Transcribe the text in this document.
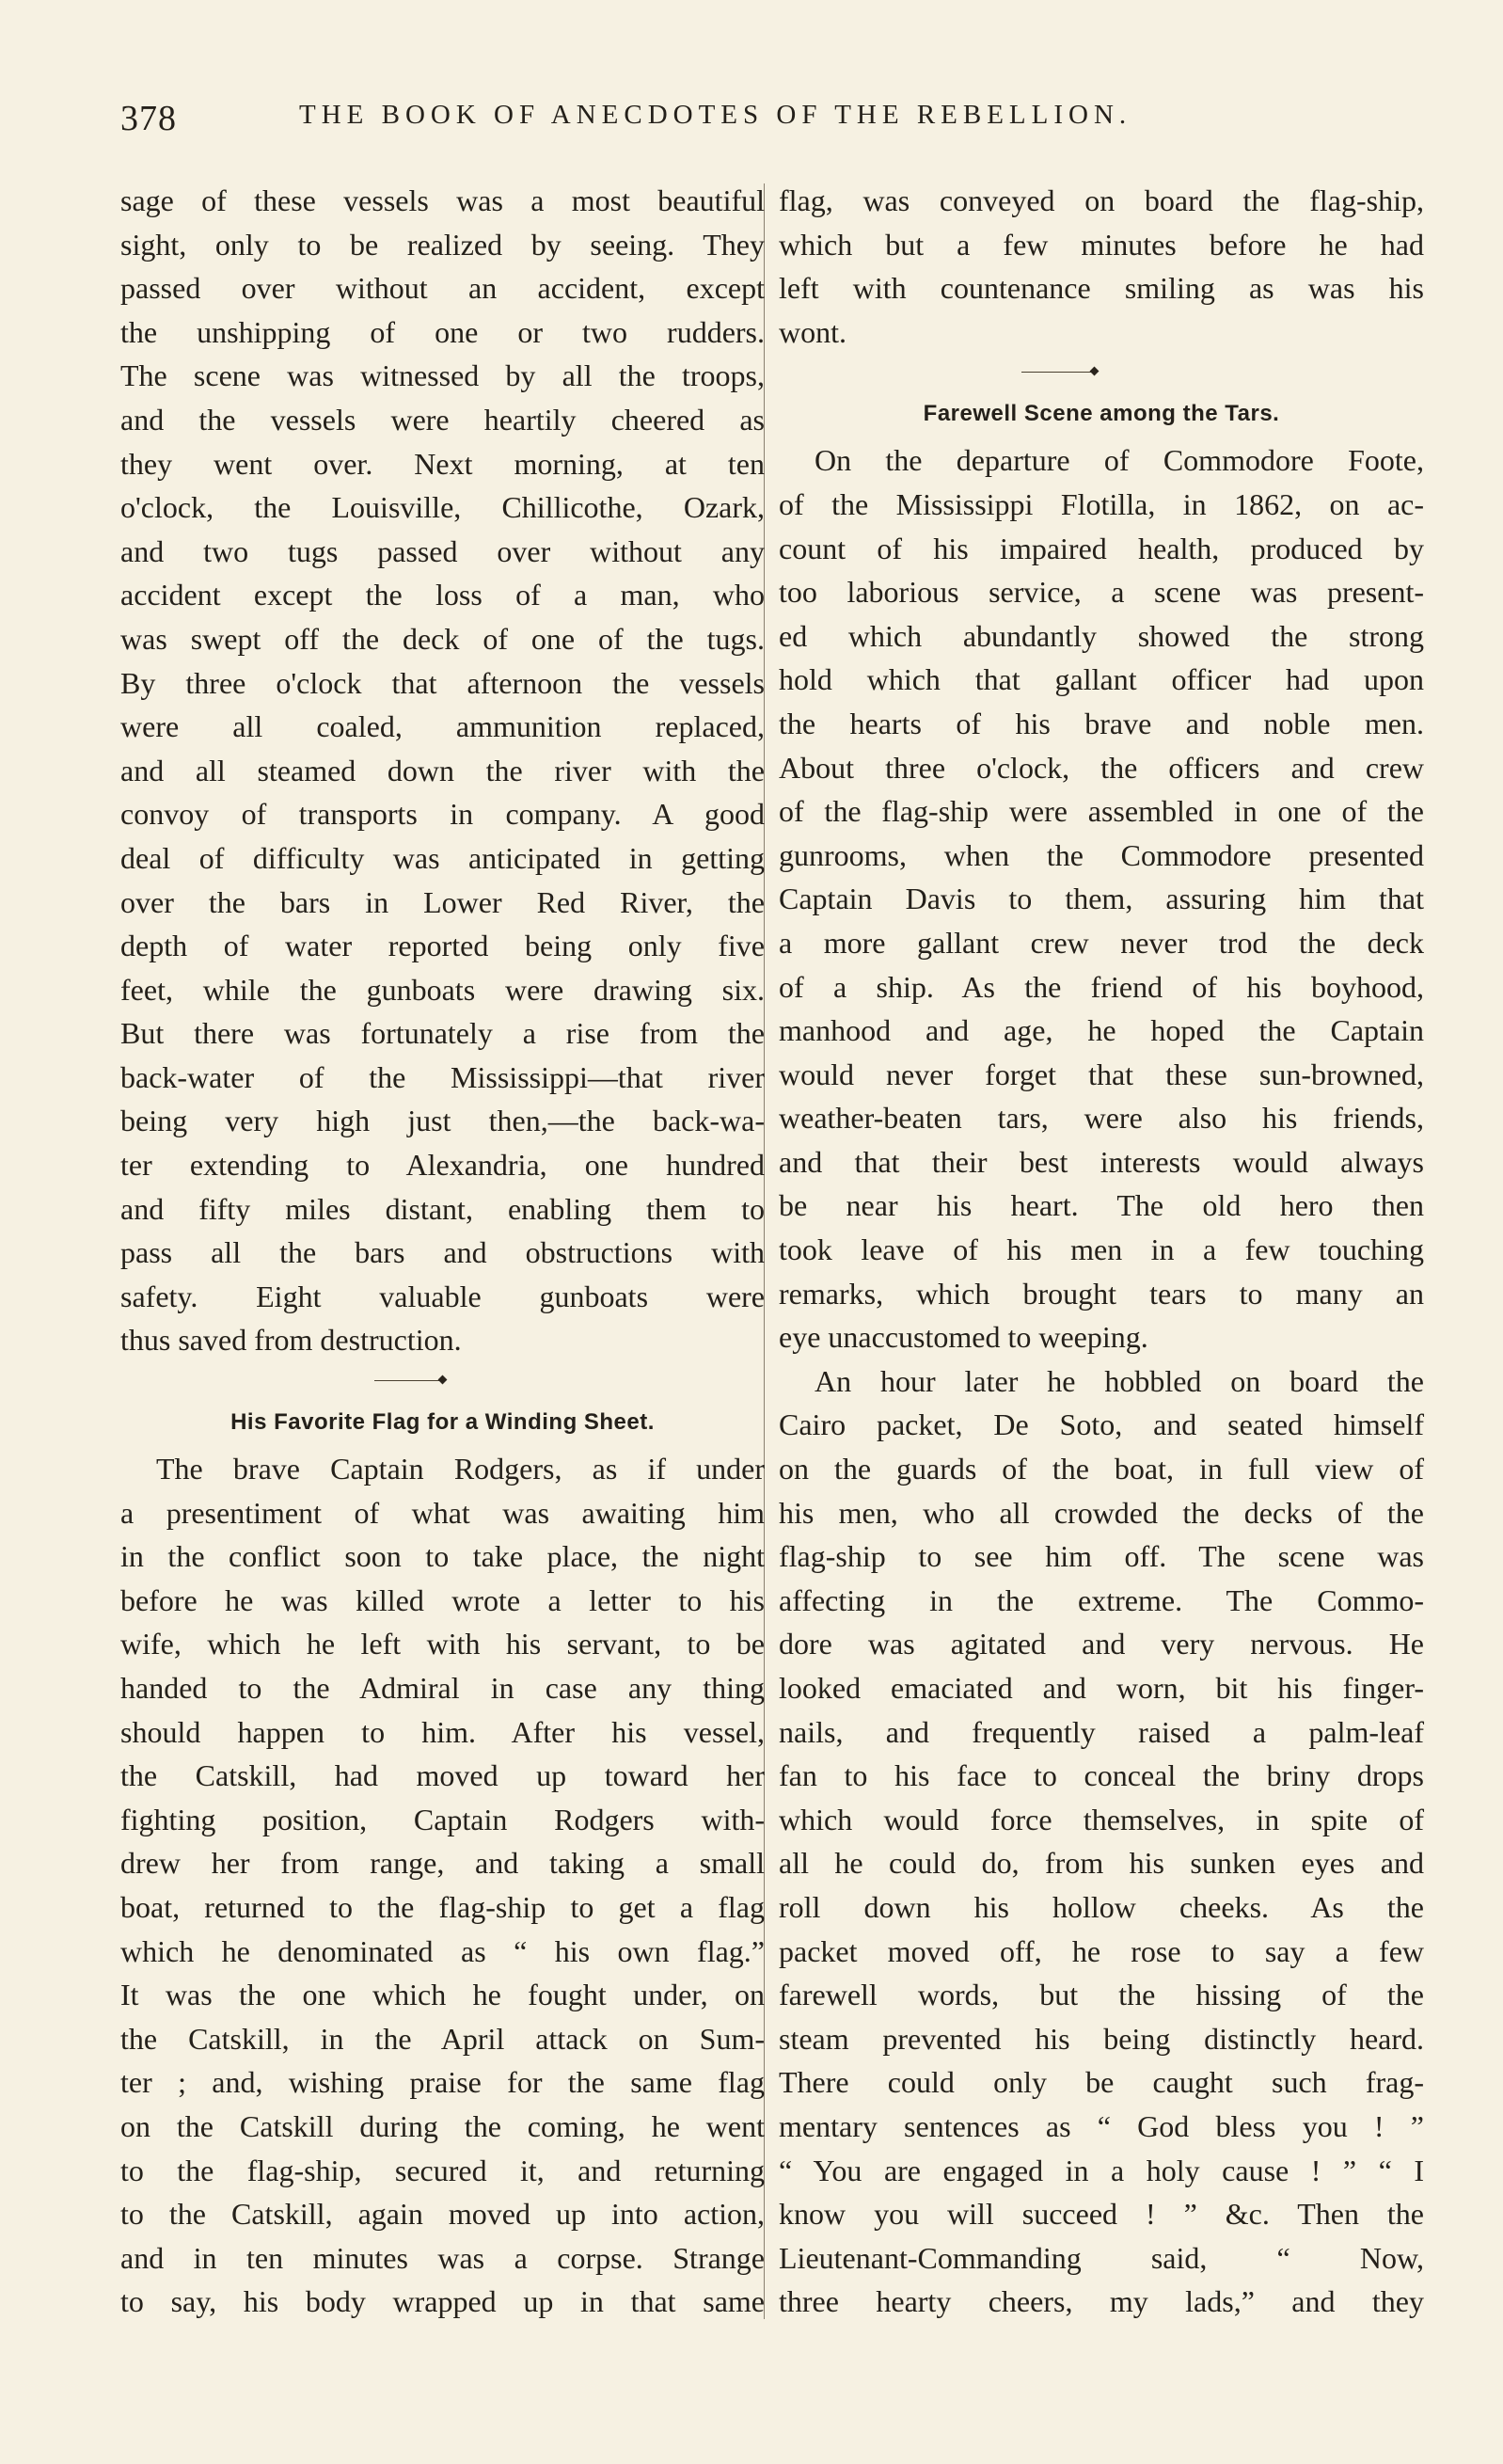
378	THE BOOK OF ANECDOTES OF THE REBELLION.
sage of these vessels was a most beautiful
sight, only to be realized by seeing. They
passed over without an accident, except
the unshipping of one or two rudders.
The scene was witnessed by all the troops,
and the vessels were heartily cheered as
they went over. Next morning, at ten
o'clock, the Louisville, Chillicothe, Ozark,
and two tugs passed over without any
accident except the loss of a man, who
was swept off the deck of one of the tugs.
By three o'clock that afternoon the vessels
were all coaled, ammunition replaced,
and all steamed down the river with the
convoy of transports in company. A good
deal of difficulty was anticipated in getting
over the bars in Lower Red River, the
depth of water reported being only five
feet, while the gunboats were drawing six.
But there was fortunately a rise from the
back-water of the Mississippi—that river
being very high just then,—the back-wa-
ter extending to Alexandria, one hundred
and fifty miles distant, enabling them to
pass all the bars and obstructions with
safety. Eight valuable gunboats were
thus saved from destruction.
His Favorite Flag for a Winding Sheet.
The brave Captain Rodgers, as if under
a presentiment of what was awaiting him
in the conflict soon to take place, the night
before he was killed wrote a letter to his
wife, which he left with his servant, to be
handed to the Admiral in case any thing
should happen to him. After his vessel,
the Catskill, had moved up toward her
fighting position, Captain Rodgers with-
drew her from range, and taking a small
boat, returned to the flag-ship to get a flag
which he denominated as “ his own flag.”
It was the one which he fought under, on
the Catskill, in the April attack on Sum-
ter ; and, wishing praise for the same flag
on the Catskill during the coming, he went
to the flag-ship, secured it, and returning
to the Catskill, again moved up into action,
and in ten minutes was a corpse. Strange
to say, his body wrapped up in that same
flag, was conveyed on board the flag-ship,
which but a few minutes before he had
left with countenance smiling as was his
wont.
Farewell Scene among the Tars.
On the departure of Commodore Foote,
of the Mississippi Flotilla, in 1862, on ac-
count of his impaired health, produced by
too laborious service, a scene was present-
ed which abundantly showed the strong
hold which that gallant officer had upon
the hearts of his brave and noble men.
About three o'clock, the officers and crew
of the flag-ship were assembled in one of the
gunrooms, when the Commodore presented
Captain Davis to them, assuring him that
a more gallant crew never trod the deck
of a ship. As the friend of his boyhood,
manhood and age, he hoped the Captain
would never forget that these sun-browned,
weather-beaten tars, were also his friends,
and that their best interests would always
be near his heart. The old hero then
took leave of his men in a few touching
remarks, which brought tears to many an
eye unaccustomed to weeping.
An hour later he hobbled on board the
Cairo packet, De Soto, and seated himself
on the guards of the boat, in full view of
his men, who all crowded the decks of the
flag-ship to see him off. The scene was
affecting in the extreme. The Commo-
dore was agitated and very nervous. He
looked emaciated and worn, bit his finger-
nails, and frequently raised a palm-leaf
fan to his face to conceal the briny drops
which would force themselves, in spite of
all he could do, from his sunken eyes and
roll down his hollow cheeks. As the
packet moved off, he rose to say a few
farewell words, but the hissing of the
steam prevented his being distinctly heard.
There could only be caught such frag-
mentary sentences as “ God bless you ! ”
“ You are engaged in a holy cause ! ” “ I
know you will succeed ! ” &c. Then the
Lieutenant-Commanding said, “ Now,
three hearty cheers, my lads,” and they
